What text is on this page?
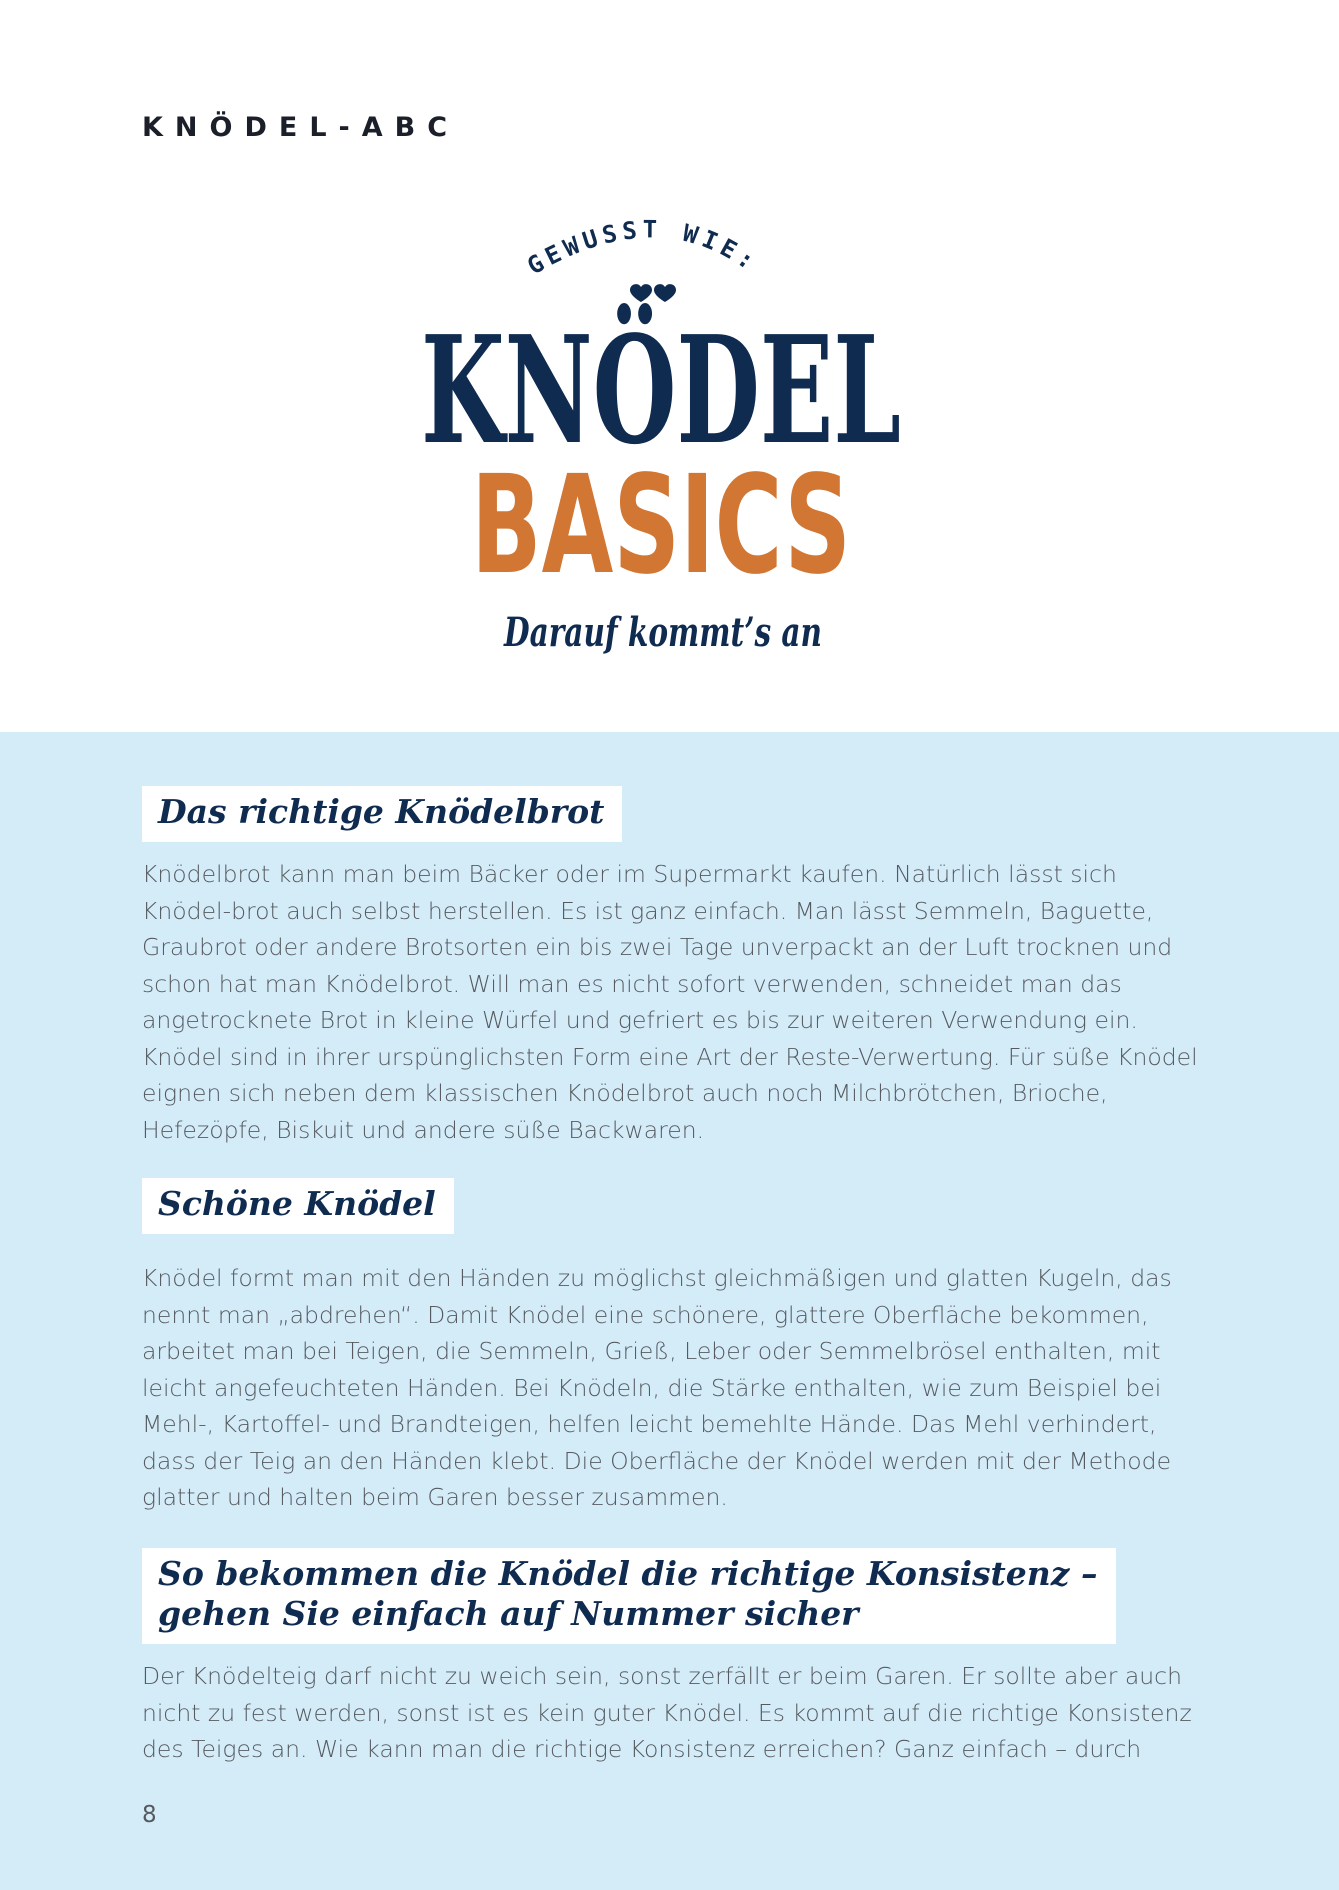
KNÖDEL-ABC
GEWUSST WIE:
KNÖDEL
BASICS
Darauf kommt’s an
Das richtige Knödelbrot

Knödelbrot kann man beim Bäcker oder im Supermarkt kaufen. Natürlich lässt sich Knödel-brot auch selbst herstellen. Es ist ganz einfach. Man lässt Semmeln, Baguette, Graubrot oder andere Brotsorten ein bis zwei Tage unverpackt an der Luft trocknen und schon hat man Knödelbrot. Will man es nicht sofort verwenden, schneidet man das angetrocknete Brot in kleine Würfel und gefriert es bis zur weiteren Verwendung ein. Knödel sind in ihrer urspünglichsten Form eine Art der Reste-Verwertung. Für süße Knödel eignen sich neben dem klassischen Knödelbrot auch noch Milchbrötchen, Brioche, Hefezöpfe, Biskuit und andere süße Backwaren.

Schöne Knödel

Knödel formt man mit den Händen zu möglichst gleichmäßigen und glatten Kugeln, das nennt man „abdrehen“. Damit Knödel eine schönere, glattere Oberfläche bekommen, arbeitet man bei Teigen, die Semmeln, Grieß, Leber oder Semmelbrösel enthalten, mit leicht angefeuchteten Händen. Bei Knödeln, die Stärke enthalten, wie zum Beispiel bei Mehl-, Kartoffel- und Brandteigen, helfen leicht bemehlte Hände. Das Mehl verhindert, dass der Teig an den Händen klebt. Die Oberfläche der Knödel werden mit der Methode glatter und halten beim Garen besser zusammen.

So bekommen die Knödel die richtige Konsistenz –
gehen Sie einfach auf Nummer sicher

Der Knödelteig darf nicht zu weich sein, sonst zerfällt er beim Garen. Er sollte aber auch nicht zu fest werden, sonst ist es kein guter Knödel. Es kommt auf die richtige Konsistenz des Teiges an. Wie kann man die richtige Konsistenz erreichen? Ganz einfach – durch

8
